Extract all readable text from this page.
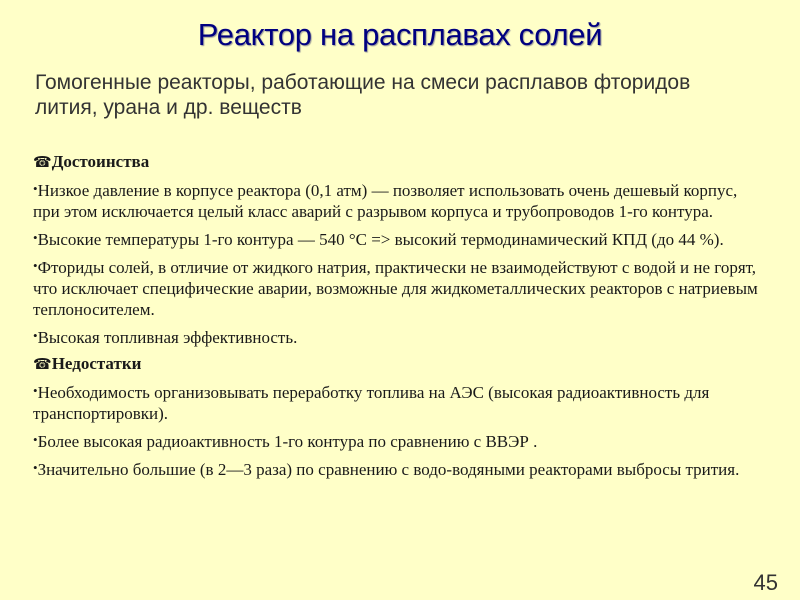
Реактор на расплавах солей
Гомогенные реакторы, работающие на смеси расплавов фторидов лития, урана и др. веществ
☎Достоинства
•Низкое давление в корпусе реактора (0,1 атм) — позволяет использовать очень дешевый корпус, при этом исключается целый класс аварий с разрывом корпуса и трубопроводов 1-го контура.
•Высокие температуры 1-го контура — 540 °С => высокий термодинамический КПД (до 44 %).
•Фториды солей, в отличие от жидкого натрия, практически не взаимодействуют с водой и не горят, что исключает специфические аварии, возможные для жидкометаллических реакторов с натриевым теплоносителем.
•Высокая топливная эффективность.
☎Недостатки
•Необходимость организовывать переработку топлива на АЭС (высокая радиоактивность для транспортировки).
•Более высокая радиоактивность 1-го контура по сравнению с ВВЭР .
•Значительно большие (в 2—3 раза) по сравнению с водо-водяными реакторами выбросы трития.
45
